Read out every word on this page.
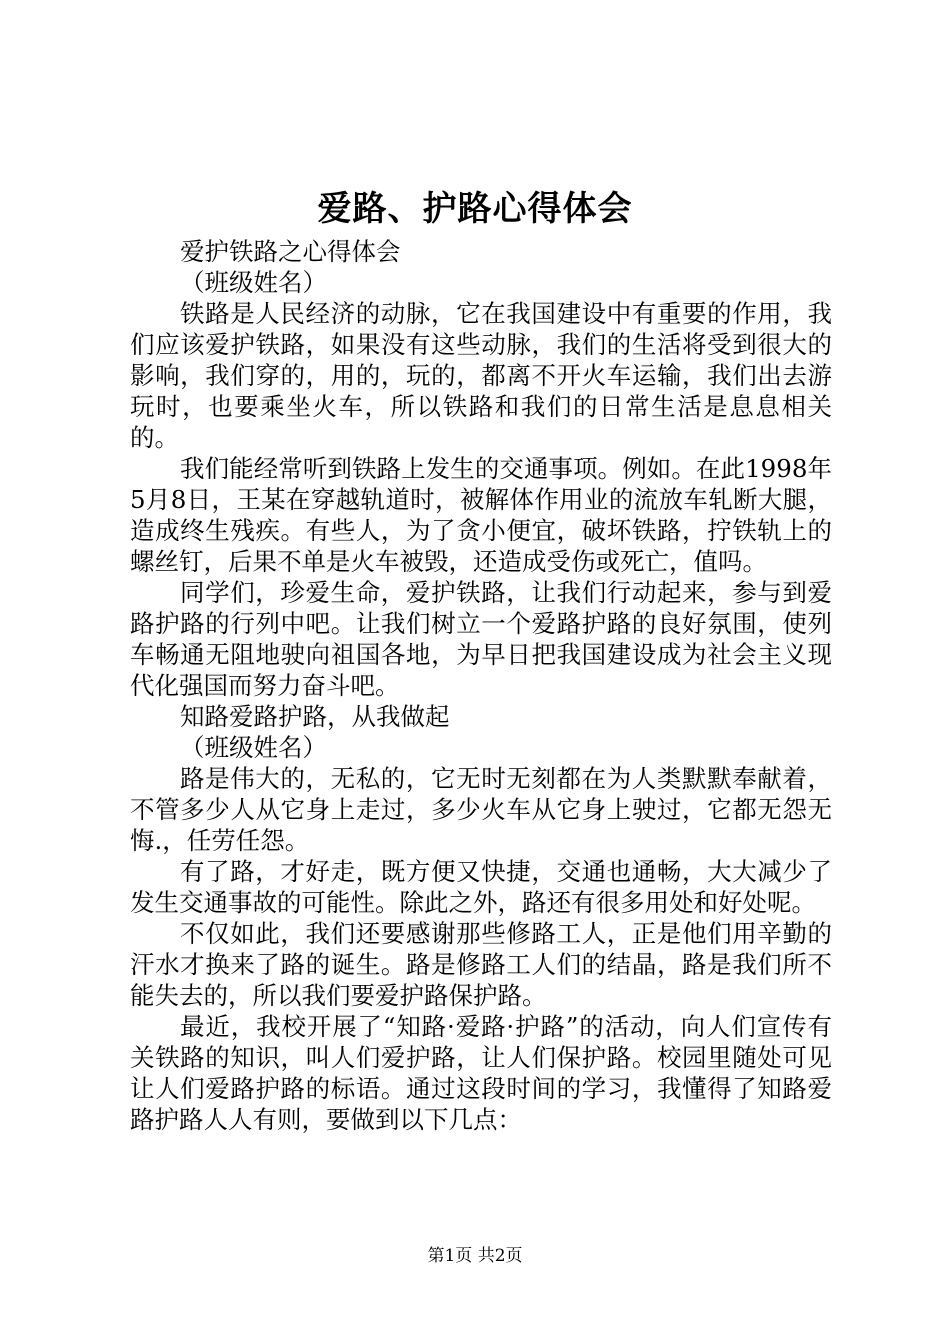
爱路、护路心得体会

爱护铁路之心得体会

（班级姓名）

铁路是人民经济的动脉，它在我国建设中有重要的作用，我们应该爱护铁路，如果没有这些动脉，我们的生活将受到很大的影响，我们穿的，用的，玩的，都离不开火车运输，我们出去游玩时，也要乘坐火车，所以铁路和我们的日常生活是息息相关的。

我们能经常听到铁路上发生的交通事项。例如。在此1998年5月8日，王某在穿越轨道时，被解体作用业的流放车轧断大腿，造成终生残疾。有些人，为了贪小便宜，破坏铁路，拧铁轨上的螺丝钉，后果不单是火车被毁，还造成受伤或死亡，值吗。

同学们，珍爱生命，爱护铁路，让我们行动起来，参与到爱路护路的行列中吧。让我们树立一个爱路护路的良好氛围，使列车畅通无阻地驶向祖国各地，为早日把我国建设成为社会主义现代化强国而努力奋斗吧。

知路爱路护路，从我做起

（班级姓名）

路是伟大的，无私的，它无时无刻都在为人类默默奉献着，不管多少人从它身上走过，多少火车从它身上驶过，它都无怨无悔.，任劳任怨。

有了路，才好走，既方便又快捷，交通也通畅，大大减少了发生交通事故的可能性。除此之外，路还有很多用处和好处呢。

不仅如此，我们还要感谢那些修路工人，正是他们用辛勤的汗水才换来了路的诞生。路是修路工人们的结晶，路是我们所不能失去的，所以我们要爱护路保护路。

最近，我校开展了“知路·爱路·护路”的活动，向人们宣传有关铁路的知识，叫人们爱护路，让人们保护路。校园里随处可见让人们爱路护路的标语。通过这段时间的学习，我懂得了知路爱路护路人人有则，要做到以下几点：

第1页 共2页
